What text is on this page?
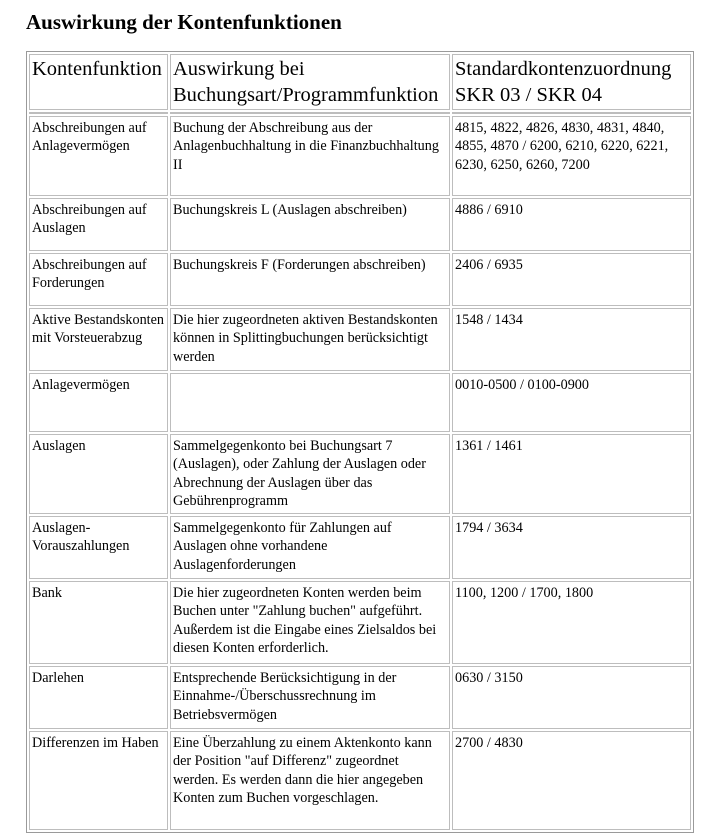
Auswirkung der Kontenfunktionen
Kontenfunktion	Auswirkung bei Buchungsart/Programmfunktion	Standardkontenzuordnung SKR 03 / SKR 04

Abschreibungen auf Anlagevermögen	Buchung der Abschreibung aus der Anlagenbuchhaltung in die Finanzbuchhaltung II	4815, 4822, 4826, 4830, 4831, 4840, 4855, 4870 / 6200, 6210, 6220, 6221, 6230, 6250, 6260, 7200
Abschreibungen auf Auslagen	Buchungskreis L (Auslagen abschreiben)	4886 / 6910
Abschreibungen auf Forderungen	Buchungskreis F (Forderungen abschreiben)	2406 / 6935
Aktive Bestandskonten mit Vorsteuerabzug	Die hier zugeordneten aktiven Bestandskonten können in Splittingbuchungen berücksichtigt werden	1548 / 1434
Anlagevermögen		0010-0500 / 0100-0900
Auslagen	Sammelgegenkonto bei Buchungsart 7 (Auslagen), oder Zahlung der Auslagen oder Abrechnung der Auslagen über das Gebührenprogramm	1361 / 1461
Auslagen-Vorauszahlungen	Sammelgegenkonto für Zahlungen auf Auslagen ohne vorhandene Auslagenforderungen	1794 / 3634
Bank	Die hier zugeordneten Konten werden beim Buchen unter "Zahlung buchen" aufgeführt. Außerdem ist die Eingabe eines Zielsaldos bei diesen Konten erforderlich.	1100, 1200 / 1700, 1800
Darlehen	Entsprechende Berücksichtigung in der Einnahme-/Überschussrechnung im Betriebsvermögen	0630 / 3150
Differenzen im Haben	Eine Überzahlung zu einem Aktenkonto kann der Position "auf Differenz" zugeordnet werden. Es werden dann die hier angegeben Konten zum Buchen vorgeschlagen.	2700 / 4830
